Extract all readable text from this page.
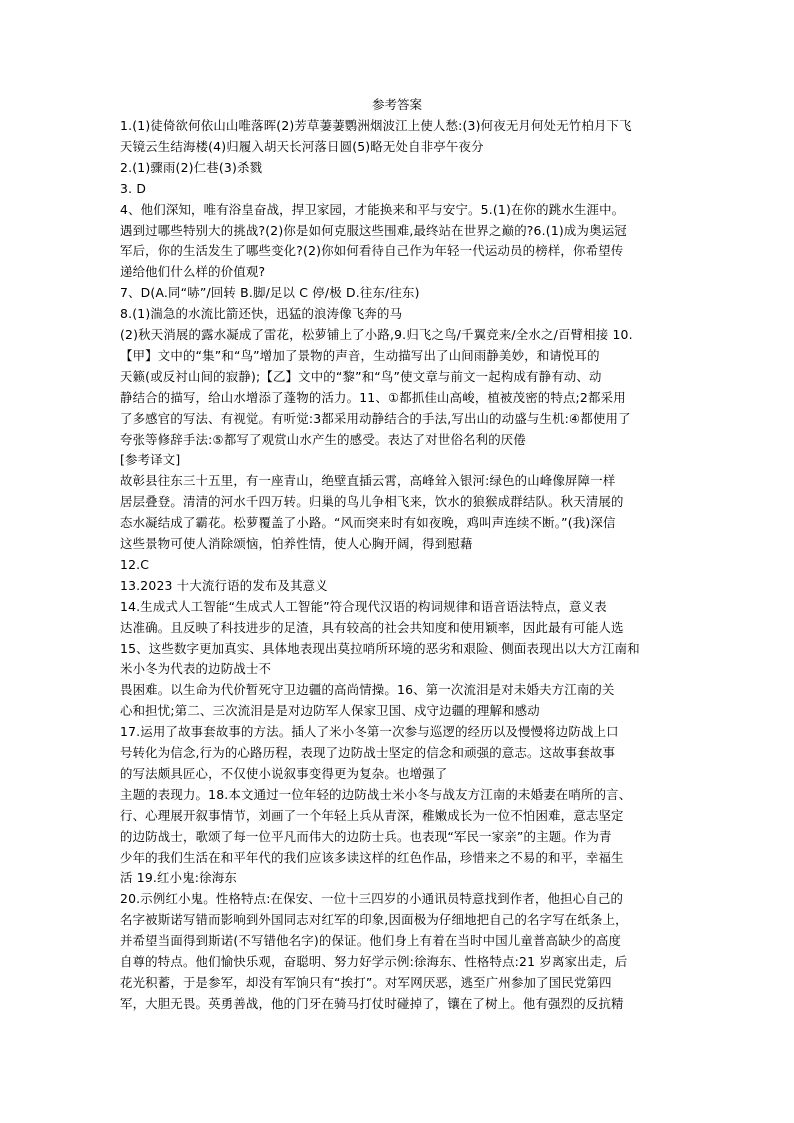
参考答案
1.(1)徒倚欲何依山山唯落晖(2)芳草萋萋鹦洲烟波江上使人愁:(3)何夜无月何处无竹柏月下飞
天镜云生结海楼(4)归履入胡天长河落日圆(5)略无处自非亭午夜分
2.(1)骤雨(2)仁巷(3)杀戮
3. D
4、他们深知，唯有浴皇奋战，捍卫家园，才能换来和平与安宁。5.(1)在你的跳水生涯中。
遇到过哪些特别大的挑战?(2)你是如何克服这些围难,最终站在世界之巅的?6.(1)成为奥运冠
军后，你的生活发生了哪些变化?(2)你如何看待自己作为年轻一代运动员的榜样，你希望传
递给他们什么样的价值观?
7、D(A.同“哧”/回转 B.脚/足以 C 停/极 D.往东/往东)
8.(1)湍急的水流比箭还快，迅猛的浪涛像飞奔的马
(2)秋天消展的露水凝成了雷花，松萝铺上了小路,9.归飞之鸟/千翼竞来/全水之/百臂相接 10.
【甲】文中的“集”和“鸟”增加了景物的声音，生动描写出了山间雨静美妙，和请悦耳的
天籁(或反衬山间的寂静);【乙】文中的“黎”和“鸟”使文章与前文一起构成有静有动、动
静结合的描写，给山水增添了蓬物的活力。11、①都抓佳山高峻，植被茂密的特点;2都采用
了多感官的写法、有视觉。有听觉:3都采用动静结合的手法,写出山的动盛与生机:④都使用了
夸张等修辞手法:⑤都写了观赏山水产生的感受。表达了对世俗名利的厌倦
[参考译文]
故彰县往东三十五里，有一座青山，绝壁直插云霄，高峰耸入银河:绿色的山峰像屏障一样
居层叠登。清清的河水千四万转。归巢的鸟儿争相飞来，饮水的狼猴成群结队。秋天清展的
态水凝结成了霸花。松萝覆盖了小路。“风而突来时有如夜晚，鸡叫声连续不断。”(我)深信
这些景物可使人消除颂恼，怕养性情，使人心胸开阔，得到慰藉
12.C
13.2023 十大流行语的发布及其意义
14.生成式人工智能“生成式人工智能”符合现代汉语的构词规律和语音语法特点，意义表
达准确。且反映了科技进步的足渣，具有较高的社会共知度和使用颖率，因此最有可能人选
15、这些数字更加真实、具体地表现出莫拉哨所环境的恶劣和艰险、侧面表现出以大方江南和
米小冬为代表的边防战士不
畏困难。以生命为代价暂死守卫边疆的高尚情操。16、第一次流泪是对未婚夫方江南的关
心和担忧;第二、三次流泪是是对边防军人保家卫国、戍守边疆的理解和感动
17.运用了故事套故事的方法。插人了米小冬第一次参与巡逻的经历以及慢慢将边防战上口
号转化为信念,行为的心路历程，表现了边防战士坚定的信念和顽强的意志。这故事套故事
的写法颇具匠心，不仅使小说叙事变得更为复杂。也增强了
主题的表现力。18.本文通过一位年轻的边防战士米小冬与战友方江南的未婚妻在哨所的言、
行、心理展开叙事情节，刘画了一个年轻上兵从青深，稚嫩成长为一位不怕困难，意志坚定
的边防战士，歌颂了每一位平凡而伟大的边防士兵。也表现“军民一家亲”的主题。作为青
少年的我们生活在和平年代的我们应该多读这样的红色作品，珍惜来之不易的和平，幸福生
活 19.红小鬼:徐海东
20.示例红小鬼。性格特点:在保安、一位十三四岁的小通讯员特意找到作者，他担心自己的
名字被斯诺写错而影响到外国同志对红军的印象,因面极为仔细地把自己的名字写在纸条上，
并希望当面得到斯诺(不写错他名字)的保证。他们身上有着在当时中国儿童普高缺少的高度
自尊的特点。他们愉快乐观，奋聪明、努力好学示例:徐海东、性格特点:21 岁离家出走，后
花光积蓄，于是参军，却没有军饷只有“挨打”。对军网厌恶，逃至广州参加了国民党第四
军，大胆无畏。英勇善战，他的门牙在骑马打仗时碰掉了，镶在了树上。他有强烈的反抗精
